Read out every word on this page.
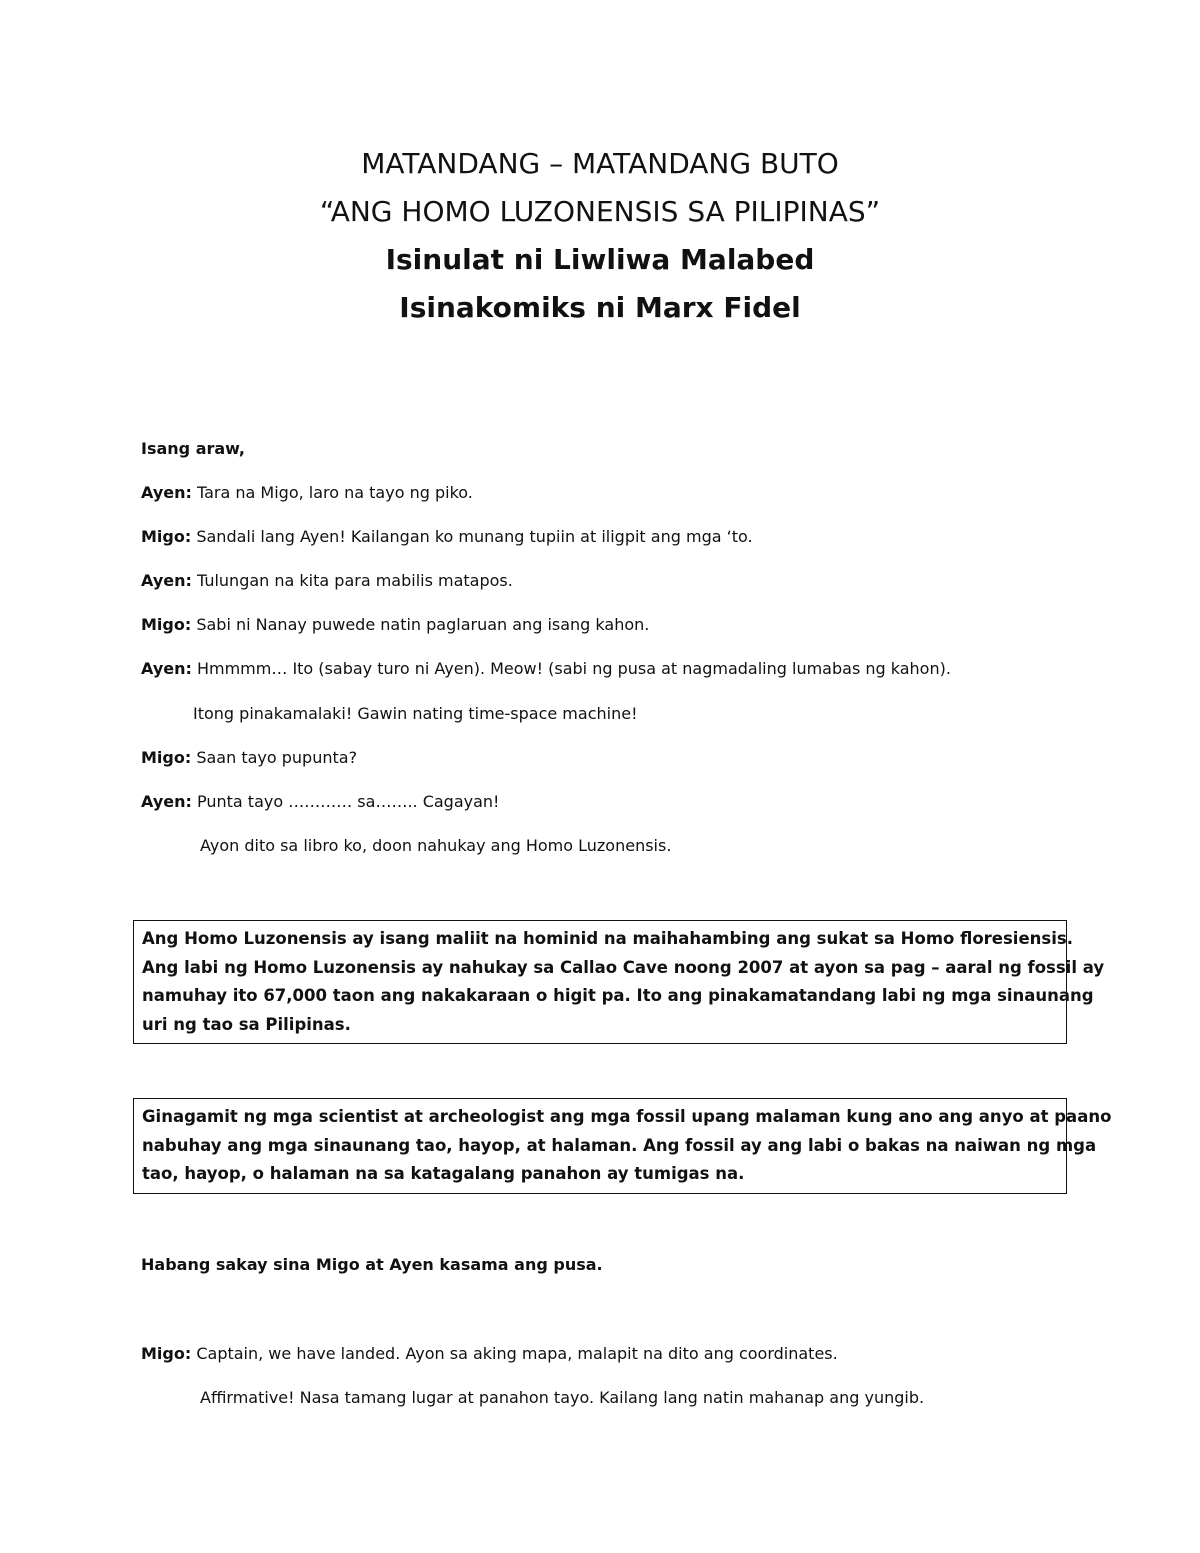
MATANDANG – MATANDANG BUTO
“ANG HOMO LUZONENSIS SA PILIPINAS”
Isinulat ni Liwliwa Malabed
Isinakomiks ni Marx Fidel
Isang araw,
Ayen: Tara na Migo, laro na tayo ng piko.
Migo: Sandali lang Ayen! Kailangan ko munang tupiin at iligpit ang mga ‘to.
Ayen: Tulungan na kita para mabilis matapos.
Migo: Sabi ni Nanay puwede natin paglaruan ang isang kahon.
Ayen: Hmmmm… Ito (sabay turo ni Ayen). Meow! (sabi ng pusa at nagmadaling lumabas ng kahon).
Itong pinakamalaki! Gawin nating time-space machine!
Migo: Saan tayo pupunta?
Ayen: Punta tayo ………… sa…….. Cagayan!
Ayon dito sa libro ko, doon nahukay ang Homo Luzonensis.
Ang Homo Luzonensis ay isang maliit na hominid na maihahambing ang sukat sa Homo floresiensis.
Ang labi ng Homo Luzonensis ay nahukay sa Callao Cave noong 2007 at ayon sa pag – aaral ng fossil ay
namuhay ito 67,000 taon ang nakakaraan o higit pa. Ito ang pinakamatandang labi ng mga sinaunang
uri ng tao sa Pilipinas.
Ginagamit ng mga scientist at archeologist ang mga fossil upang malaman kung ano ang anyo at paano
nabuhay ang mga sinaunang tao, hayop, at halaman. Ang fossil ay ang labi o bakas na naiwan ng mga
tao, hayop, o halaman na sa katagalang panahon ay tumigas na.
Habang sakay sina Migo at Ayen kasama ang pusa.
Migo: Captain, we have landed. Ayon sa aking mapa, malapit na dito ang coordinates.
Affirmative! Nasa tamang lugar at panahon tayo. Kailang lang natin mahanap ang yungib.
